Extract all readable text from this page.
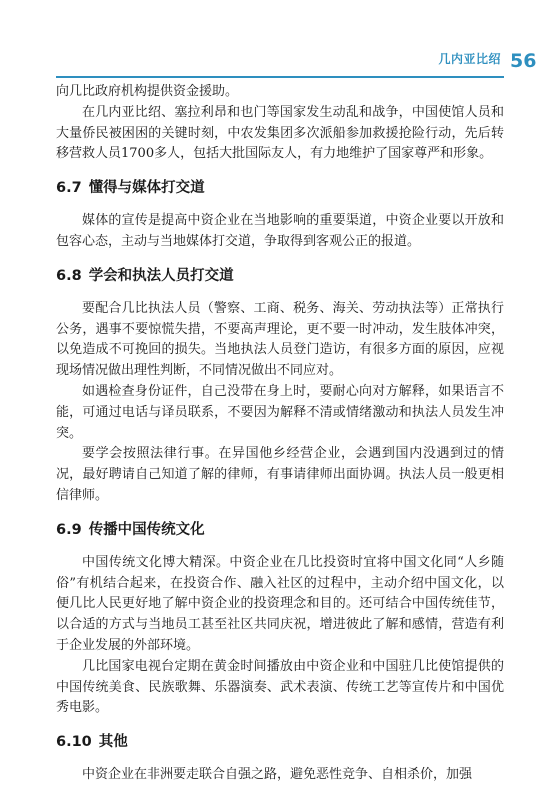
几内亚比绍 56

向几比政府机构提供资金援助。

在几内亚比绍、塞拉利昂和也门等国家发生动乱和战争，中国使馆人员和大量侨民被困困的关键时刻，中农发集团多次派船参加救援抢险行动，先后转移营救人员1700多人，包括大批国际友人，有力地维护了国家尊严和形象。

6.7 懂得与媒体打交道

媒体的宣传是提高中资企业在当地影响的重要渠道，中资企业要以开放和包容心态，主动与当地媒体打交道，争取得到客观公正的报道。

6.8 学会和执法人员打交道

要配合几比执法人员（警察、工商、税务、海关、劳动执法等）正常执行公务，遇事不要惊慌失措，不要高声理论，更不要一时冲动，发生肢体冲突，以免造成不可挽回的损失。当地执法人员登门造访，有很多方面的原因，应视现场情况做出理性判断，不同情况做出不同应对。

如遇检查身份证件，自己没带在身上时，要耐心向对方解释，如果语言不能，可通过电话与译员联系，不要因为解释不清或情绪激动和执法人员发生冲突。

要学会按照法律行事。在异国他乡经营企业，会遇到国内没遇到过的情况，最好聘请自己知道了解的律师，有事请律师出面协调。执法人员一般更相信律师。

6.9 传播中国传统文化

中国传统文化博大精深。中资企业在几比投资时宜将中国文化同“人乡随俗”有机结合起来，在投资合作、融入社区的过程中，主动介绍中国文化，以便几比人民更好地了解中资企业的投资理念和目的。还可结合中国传统佳节，以合适的方式与当地员工甚至社区共同庆祝，增进彼此了解和感情，营造有利于企业发展的外部环境。

几比国家电视台定期在黄金时间播放由中资企业和中国驻几比使馆提供的中国传统美食、民族歌舞、乐器演奏、武术表演、传统工艺等宣传片和中国优秀电影。

6.10 其他

中资企业在非洲要走联合自强之路，避免恶性竞争、自相杀价，加强
